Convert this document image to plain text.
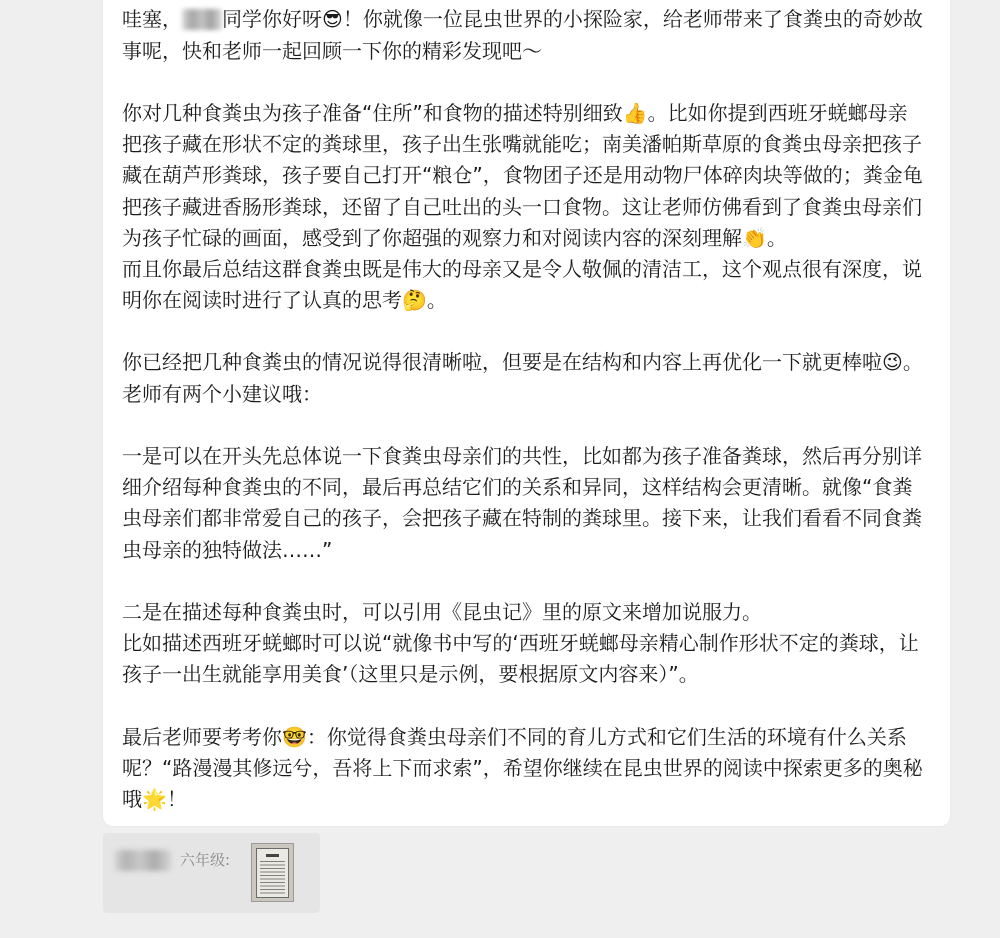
哇塞， 同学你好呀😎！你就像一位昆虫世界的小探险家，给老师带来了食粪虫的奇妙故
事呢，快和老师一起回顾一下你的精彩发现吧～
你对几种食粪虫为孩子准备“住所”和食物的描述特别细致👍。比如你提到西班牙蜣螂母亲
把孩子藏在形状不定的粪球里，孩子出生张嘴就能吃；南美潘帕斯草原的食粪虫母亲把孩子
藏在葫芦形粪球，孩子要自己打开“粮仓”，食物团子还是用动物尸体碎肉块等做的；粪金龟
把孩子藏进香肠形粪球，还留了自己吐出的头一口食物。这让老师仿佛看到了食粪虫母亲们
为孩子忙碌的画面，感受到了你超强的观察力和对阅读内容的深刻理解👏。
而且你最后总结这群食粪虫既是伟大的母亲又是令人敬佩的清洁工，这个观点很有深度，说
明你在阅读时进行了认真的思考🤔。
你已经把几种食粪虫的情况说得很清晰啦，但要是在结构和内容上再优化一下就更棒啦😉。
老师有两个小建议哦：
一是可以在开头先总体说一下食粪虫母亲们的共性，比如都为孩子准备粪球，然后再分别详
细介绍每种食粪虫的不同，最后再总结它们的关系和异同，这样结构会更清晰。就像“食粪
虫母亲们都非常爱自己的孩子，会把孩子藏在特制的粪球里。接下来，让我们看看不同食粪
虫母亲的独特做法……”
二是在描述每种食粪虫时，可以引用《昆虫记》里的原文来增加说服力。
比如描述西班牙蜣螂时可以说“就像书中写的‘西班牙蜣螂母亲精心制作形状不定的粪球，让
孩子一出生就能享用美食’（这里只是示例，要根据原文内容来）”。
最后老师要考考你🤓：你觉得食粪虫母亲们不同的育儿方式和它们生活的环境有什么关系
呢？“路漫漫其修远兮，吾将上下而求索”，希望你继续在昆虫世界的阅读中探索更多的奥秘
哦🌟！
六年级:
